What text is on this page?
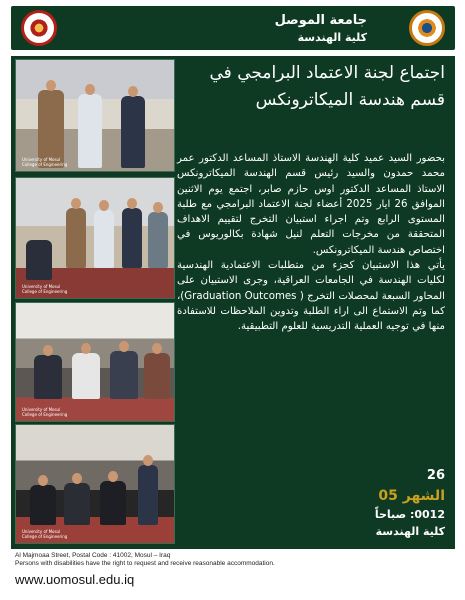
جامعة الموصل
كلية الهندسة
University of Mosul
College of Engineering
University of Mosul
College of Engineering
University of Mosul
College of Engineering
University of Mosul
College of Engineering
اجتماع لجنة الاعتماد البرامجي في قسم هندسة الميكاترونكس

بحضور السيد عميد كلية الهندسة الاستاذ المساعد الدكتور عمر محمد حمدون والسيد رئيس قسم الهندسة الميكاترونكس الاستاذ المساعد الدكتور اوس حازم صابر، اجتمع يوم الاثنين الموافق 26 ايار 2025 أعضاء لجنة الاعتماد البرامجي مع طلبة المستوى الرابع وتم اجراء استبيان التخرج لتقييم الاهداف المتحققة من مخرجات التعلم لنيل شهادة بكالوريوس في اختصاص هندسة الميكاترونكس.

يأتي هذا الاستبيان كجزء من متطلبات الاعتمادية الهندسية لكليات الهندسة في الجامعات العراقية، وجرى الاستبيان على المحاور السبعة لمحصلات التخرج ( Graduation Outcomes)، كما وتم الاستماع الى اراء الطلبة وتدوين الملاحظات للاستفادة منها في توجيه العملية التدريسية للعلوم التطبيقية.

26
الشهر 05
0012: صباحاً
كلية الهندسة
Al Majmoaa Street, Postal Code : 41002, Mosul – Iraq
Persons with disabilities have the right to request and receive reasonable accommodation.
www.uomosul.edu.iq
